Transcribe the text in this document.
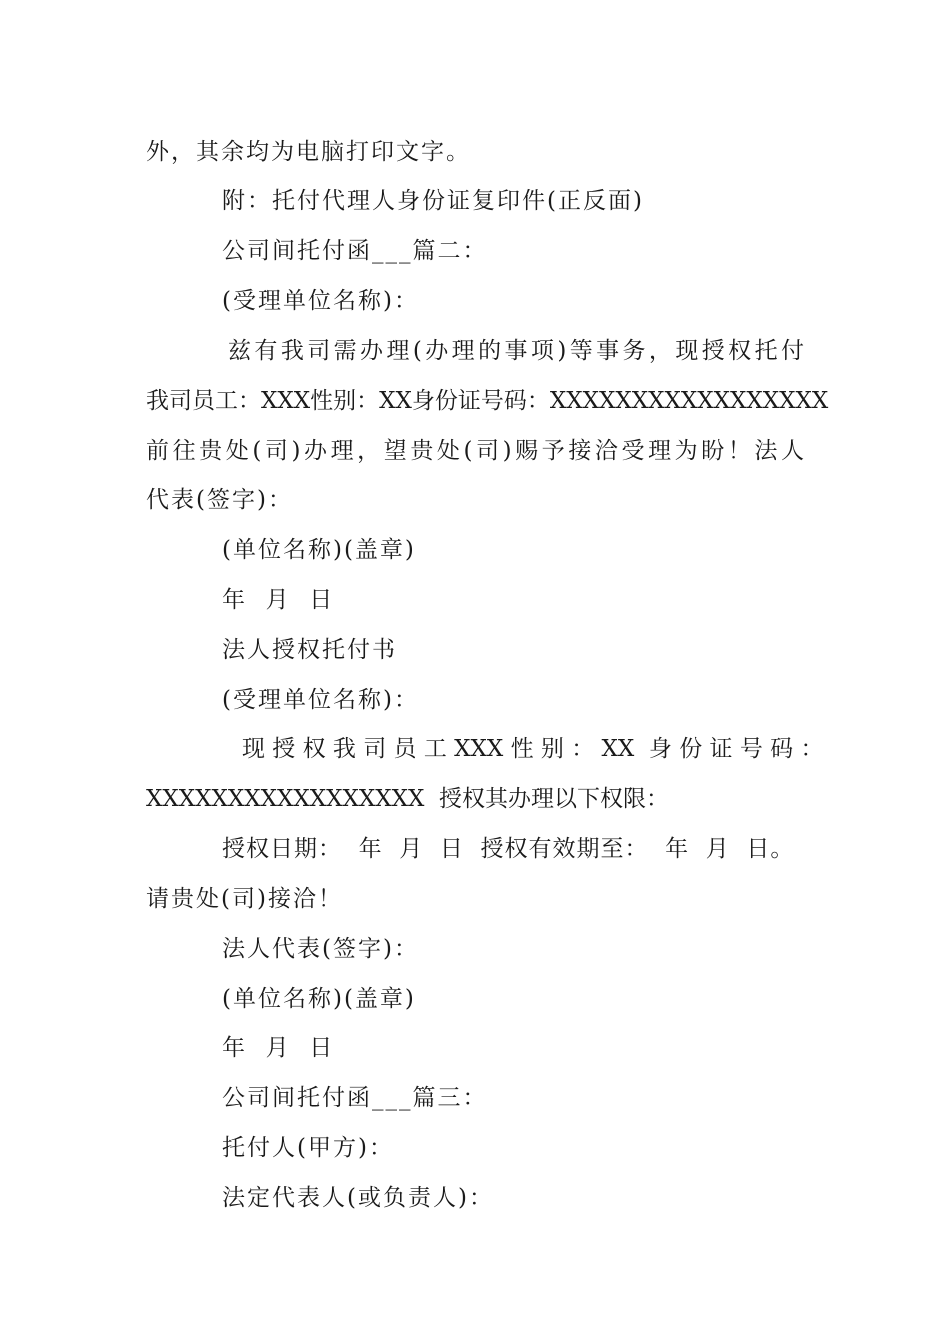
外，其余均为电脑打印文字。
附：托付代理人身份证复印件(正反面)
公司间托付函___篇二：
(受理单位名称)：
兹有我司需办理(办理的事项)等事务，现授权托付
我司员工：XXX性别：XX身份证号码：XXXXXXXXXXXXXXXXX
前往贵处(司)办理，望贵处(司)赐予接洽受理为盼！法人
代表(签字)：
(单位名称)(盖章)
年  月  日
法人授权托付书
(受理单位名称)：
现 授 权 我 司 员 工 XXX 性 别 ： XX  身 份 证 号 码 ：
XXXXXXXXXXXXXXXXX  授权其办理以下权限：
授权日期：  年  月  日  授权有效期至：  年  月  日。
请贵处(司)接洽！
法人代表(签字)：
(单位名称)(盖章)
年  月  日
公司间托付函___篇三：
托付人(甲方)：
法定代表人(或负责人)：
